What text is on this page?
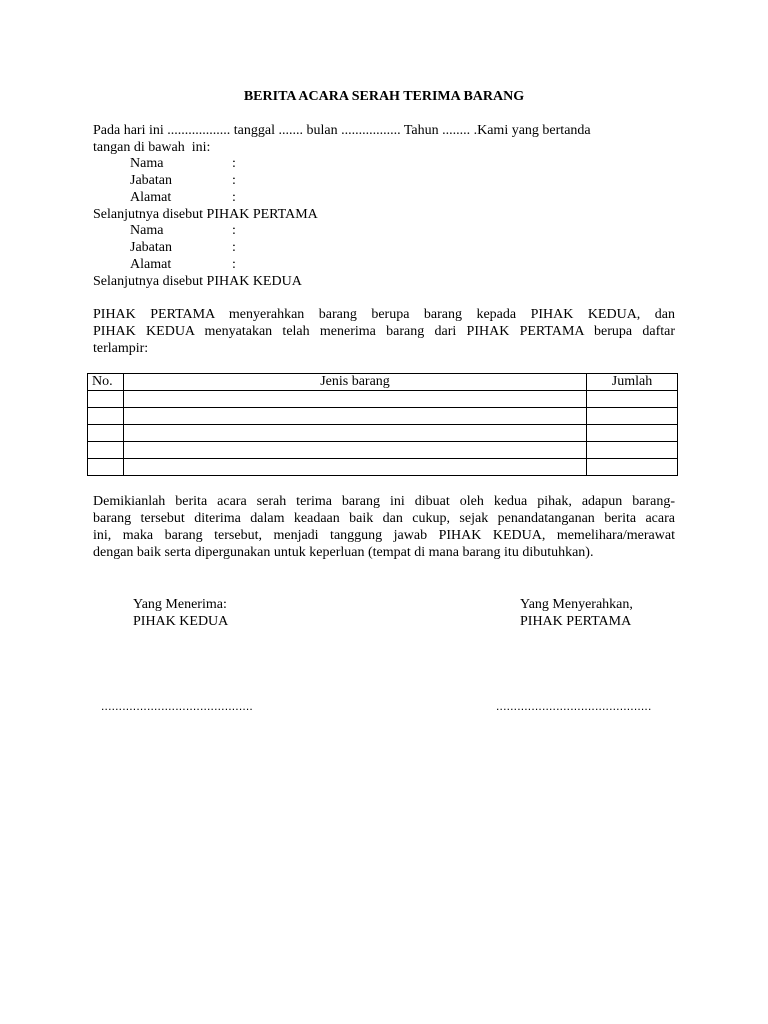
BERITA ACARA SERAH TERIMA BARANG
Pada hari ini .................. tanggal ....... bulan ................. Tahun ........ .Kami yang bertanda
tangan di bawah  ini:
Nama	:
Jabatan	:
Alamat	:
Selanjutnya disebut PIHAK PERTAMA
Nama	:
Jabatan	:
Alamat	:
Selanjutnya disebut PIHAK KEDUA
PIHAK PERTAMA menyerahkan barang berupa barang kepada PIHAK KEDUA, dan
PIHAK KEDUA menyatakan telah menerima barang dari PIHAK PERTAMA berupa daftar
terlampir:
No.	Jenis barang	Jumlah

Demikianlah berita acara serah terima barang ini dibuat oleh kedua pihak, adapun barang-
barang tersebut diterima dalam keadaan baik dan cukup, sejak penandatanganan berita acara
ini, maka barang tersebut, menjadi tanggung jawab PIHAK KEDUA, memelihara/merawat
dengan baik serta dipergunakan untuk keperluan (tempat di mana barang itu dibutuhkan).
Yang Menerima:
PIHAK KEDUA
Yang Menyerahkan,
PIHAK PERTAMA
...........................................	............................................
